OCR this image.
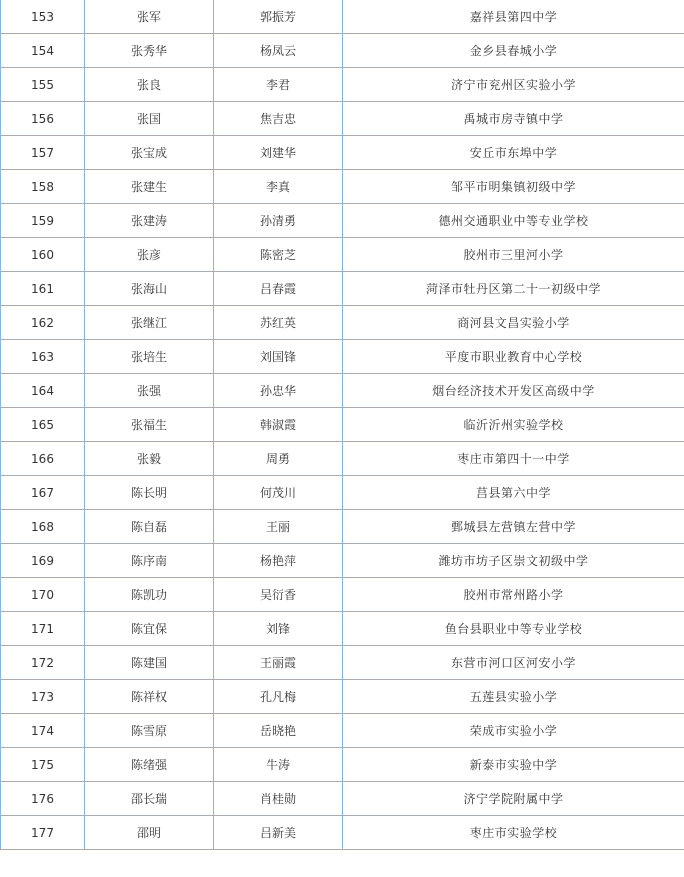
153	张军	郭振芳	嘉祥县第四中学
154	张秀华	杨凤云	金乡县春城小学
155	张良	李君	济宁市兖州区实验小学
156	张国	焦吉忠	禹城市房寺镇中学
157	张宝成	刘建华	安丘市东埠中学
158	张建生	李真	邹平市明集镇初级中学
159	张建涛	孙清勇	德州交通职业中等专业学校
160	张彦	陈密芝	胶州市三里河小学
161	张海山	吕春霞	菏泽市牡丹区第二十一初级中学
162	张继江	苏红英	商河县文昌实验小学
163	张培生	刘国锋	平度市职业教育中心学校
164	张强	孙忠华	烟台经济技术开发区高级中学
165	张福生	韩淑霞	临沂沂州实验学校
166	张毅	周勇	枣庄市第四十一中学
167	陈长明	何茂川	莒县第六中学
168	陈自磊	王丽	鄄城县左营镇左营中学
169	陈序南	杨艳萍	潍坊市坊子区崇文初级中学
170	陈凯功	吴衍香	胶州市常州路小学
171	陈宜保	刘锋	鱼台县职业中等专业学校
172	陈建国	王丽霞	东营市河口区河安小学
173	陈祥权	孔凡梅	五莲县实验小学
174	陈雪原	岳晓艳	荣成市实验小学
175	陈绪强	牛涛	新泰市实验中学
176	邵长瑞	肖桂勋	济宁学院附属中学
177	邵明	吕新美	枣庄市实验学校
